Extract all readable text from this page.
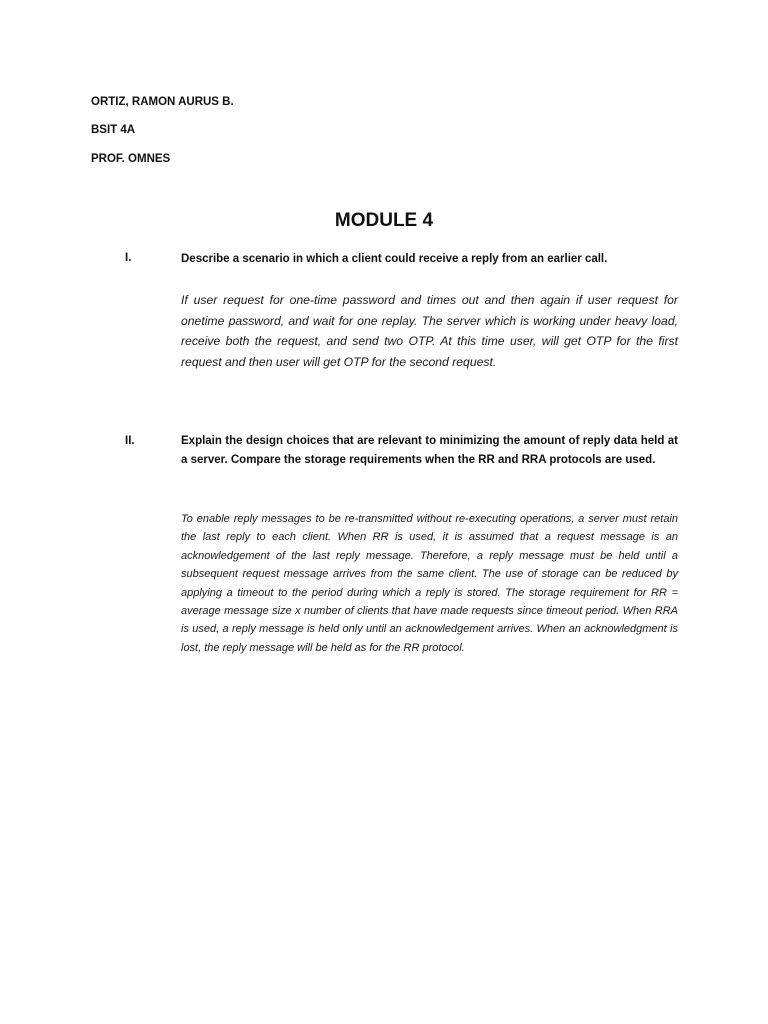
ORTIZ, RAMON AURUS B.
BSIT 4A
PROF. OMNES
MODULE 4
I.	Describe a scenario in which a client could receive a reply from an earlier call.
If user request for one-time password and times out and then again if user request for onetime password, and wait for one replay. The server which is working under heavy load, receive both the request, and send two OTP. At this time user, will get OTP for the first request and then user will get OTP for the second request.
II.	Explain the design choices that are relevant to minimizing the amount of reply data held at a server. Compare the storage requirements when the RR and RRA protocols are used.
To enable reply messages to be re-transmitted without re-executing operations, a server must retain the last reply to each client. When RR is used, it is assumed that a request message is an acknowledgement of the last reply message. Therefore, a reply message must be held until a subsequent request message arrives from the same client. The use of storage can be reduced by applying a timeout to the period during which a reply is stored. The storage requirement for RR = average message size x number of clients that have made requests since timeout period. When RRA is used, a reply message is held only until an acknowledgement arrives. When an acknowledgment is lost, the reply message will be held as for the RR protocol.
